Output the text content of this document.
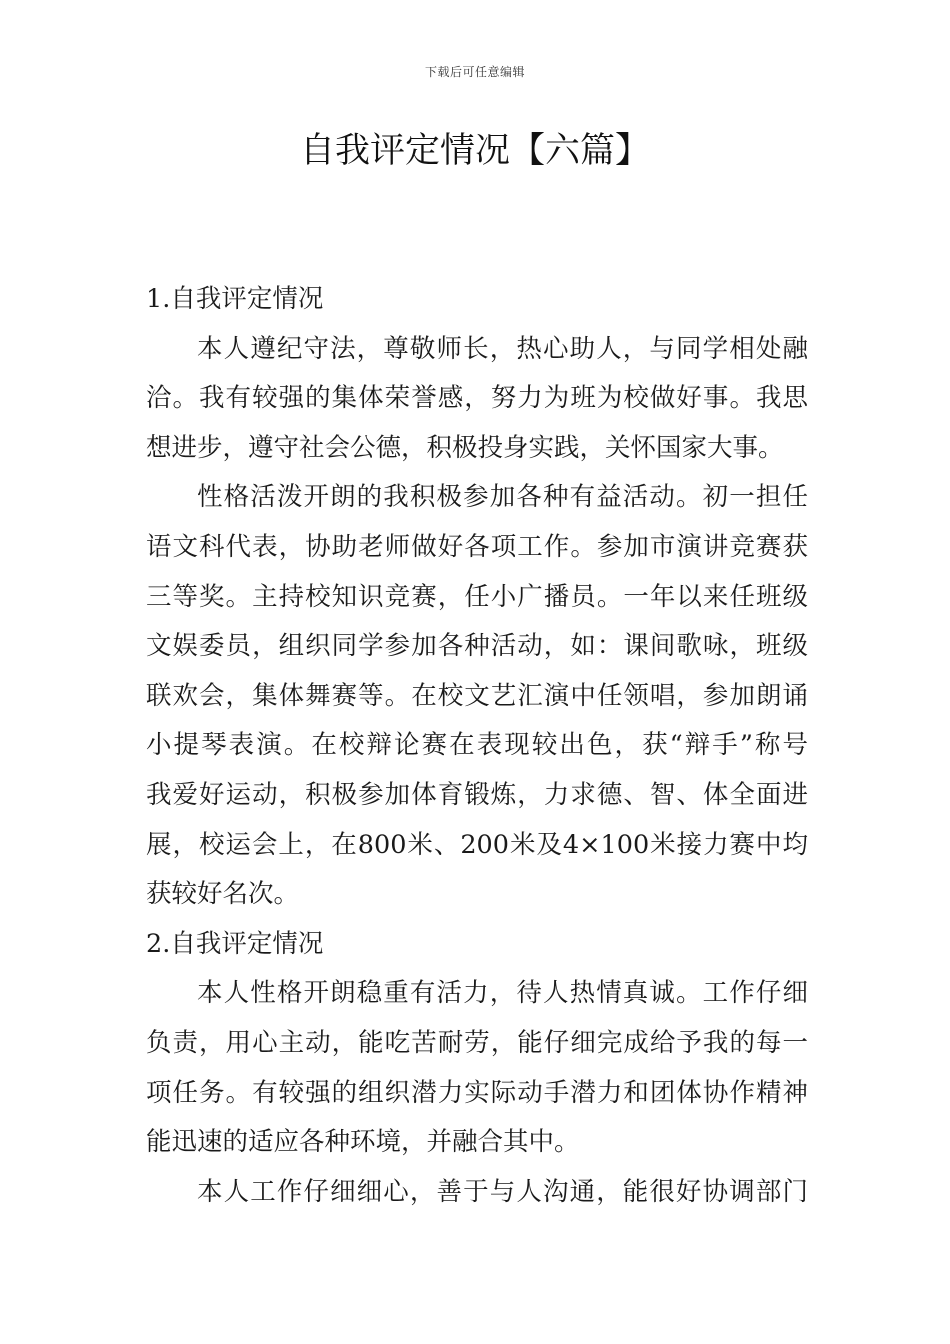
下载后可任意编辑
自我评定情况【六篇】
1.自我评定情况
本人遵纪守法，尊敬师长，热心助人，与同学相处融
洽。我有较强的集体荣誉感，努力为班为校做好事。我思
想进步，遵守社会公德，积极投身实践，关怀国家大事。
性格活泼开朗的我积极参加各种有益活动。初一担任
语文科代表，协助老师做好各项工作。参加市演讲竞赛获
三等奖。主持校知识竞赛，任小广播员。一年以来任班级
文娱委员，组织同学参加各种活动，如：课间歌咏，班级
联欢会，集体舞赛等。在校文艺汇演中任领唱，参加朗诵
小提琴表演。在校辩论赛在表现较出色，获“辩手”称号
我爱好运动，积极参加体育锻炼，力求德、智、体全面进
展，校运会上，在800米、200米及4×100米接力赛中均
获较好名次。
2.自我评定情况
本人性格开朗稳重有活力，待人热情真诚。工作仔细
负责，用心主动，能吃苦耐劳，能仔细完成给予我的每一
项任务。有较强的组织潜力实际动手潜力和团体协作精神
能迅速的适应各种环境，并融合其中。
本人工作仔细细心，善于与人沟通，能很好协调部门
